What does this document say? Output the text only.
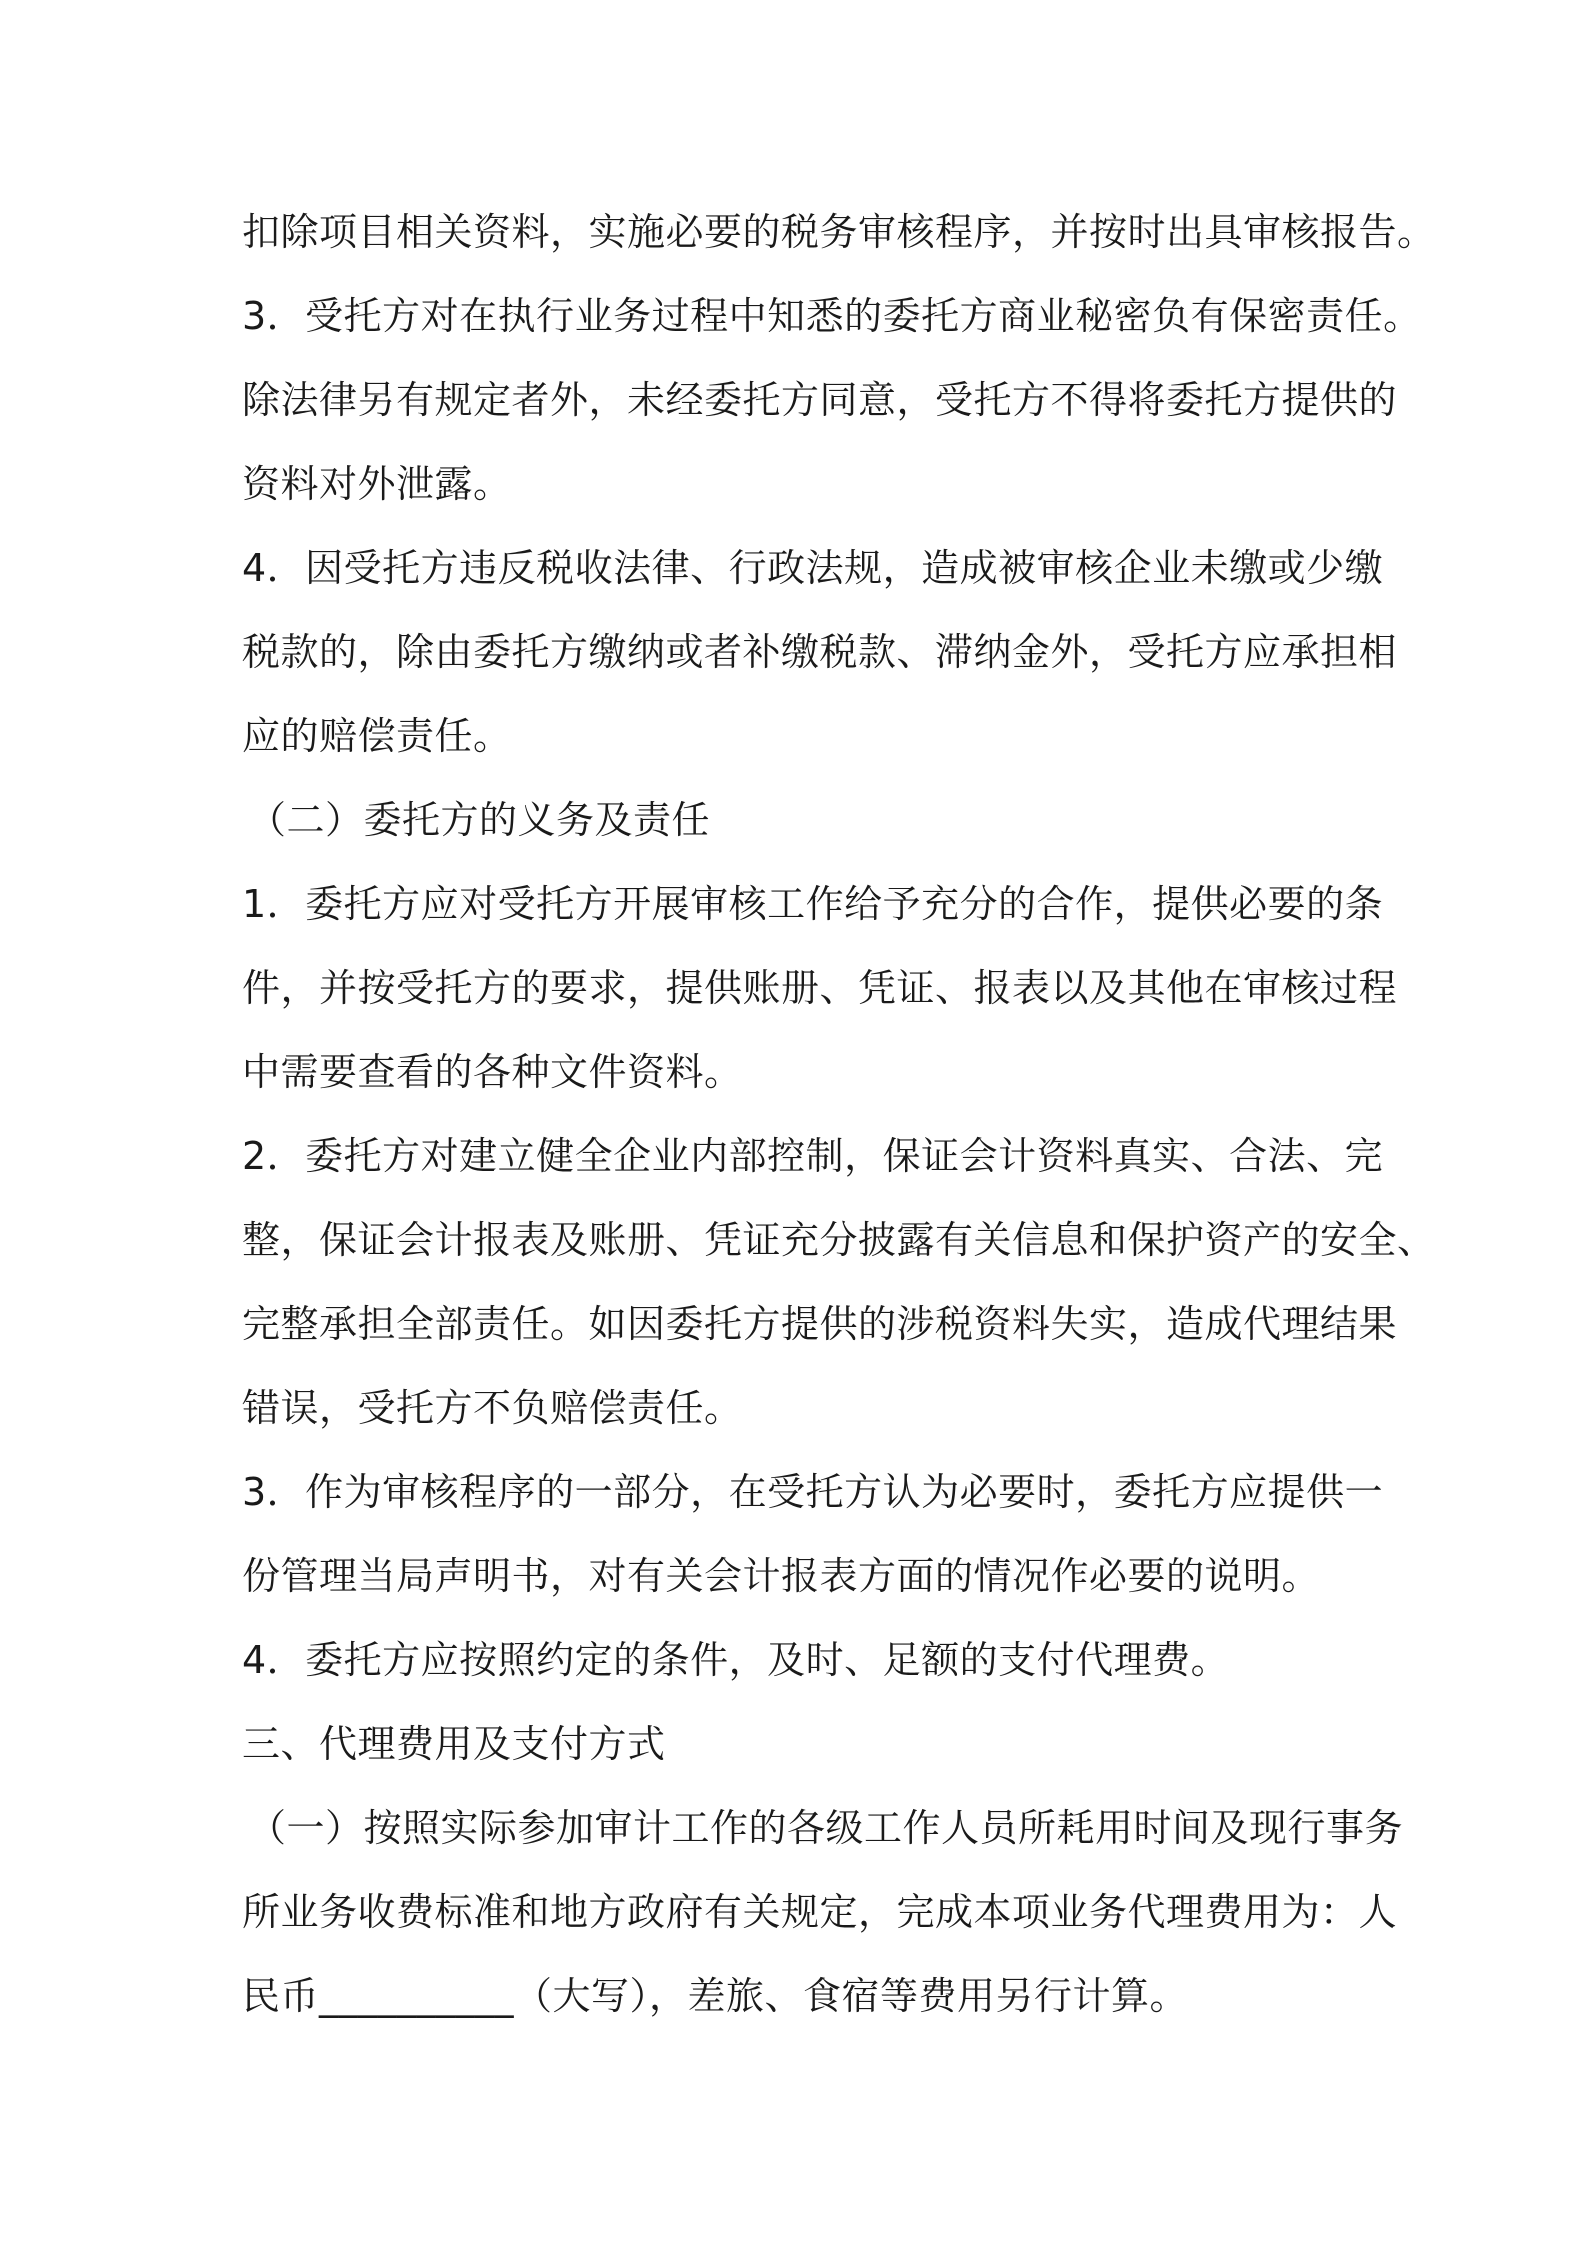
扣除项目相关资料，实施必要的税务审核程序，并按时出具审核报告。
3．受托方对在执行业务过程中知悉的委托方商业秘密负有保密责任。
除法律另有规定者外，未经委托方同意，受托方不得将委托方提供的
资料对外泄露。
4．因受托方违反税收法律、行政法规，造成被审核企业未缴或少缴
税款的，除由委托方缴纳或者补缴税款、滞纳金外，受托方应承担相
应的赔偿责任。
（二）委托方的义务及责任
1．委托方应对受托方开展审核工作给予充分的合作，提供必要的条
件，并按受托方的要求，提供账册、凭证、报表以及其他在审核过程
中需要查看的各种文件资料。
2．委托方对建立健全企业内部控制，保证会计资料真实、合法、完
整，保证会计报表及账册、凭证充分披露有关信息和保护资产的安全、
完整承担全部责任。如因委托方提供的涉税资料失实，造成代理结果
错误，受托方不负赔偿责任。
3．作为审核程序的一部分，在受托方认为必要时，委托方应提供一
份管理当局声明书，对有关会计报表方面的情况作必要的说明。
4．委托方应按照约定的条件，及时、足额的支付代理费。
三、代理费用及支付方式
（一）按照实际参加审计工作的各级工作人员所耗用时间及现行事务
所业务收费标准和地方政府有关规定，完成本项业务代理费用为：人
民币__________（大写），差旅、食宿等费用另行计算。
